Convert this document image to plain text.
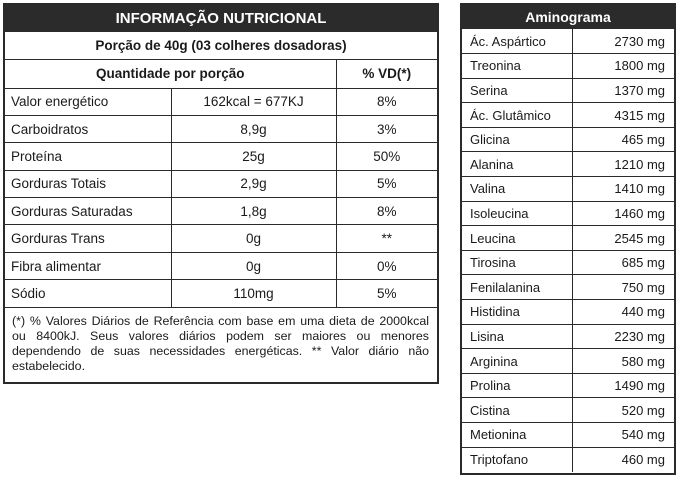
INFORMAÇÃO NUTRICIONAL
Porção de 40g (03 colheres dosadoras)
Quantidade por porção		% VD(*)
Valor energético	162kcal = 677KJ	8%
Carboidratos	8,9g	3%
Proteína	25g	50%
Gorduras Totais	2,9g	5%
Gorduras Saturadas	1,8g	8%
Gorduras Trans	0g	**
Fibra alimentar	0g	0%
Sódio	110mg	5%
(*) % Valores Diários de Referência com base em uma dieta de 2000kcal ou 8400kJ. Seus valores diários podem ser maiores ou menores dependendo de suas necessidades energéticas. ** Valor diário não estabelecido.
Aminograma
Ác. Aspártico	2730 mg
Treonina	1800 mg
Serina	1370 mg
Ác. Glutâmico	4315 mg
Glicina	465 mg
Alanina	1210 mg
Valina	1410 mg
Isoleucina	1460 mg
Leucina	2545 mg
Tirosina	685 mg
Fenilalanina	750 mg
Histidina	440 mg
Lisina	2230 mg
Arginina	580 mg
Prolina	1490 mg
Cistina	520 mg
Metionina	540 mg
Triptofano	460 mg
